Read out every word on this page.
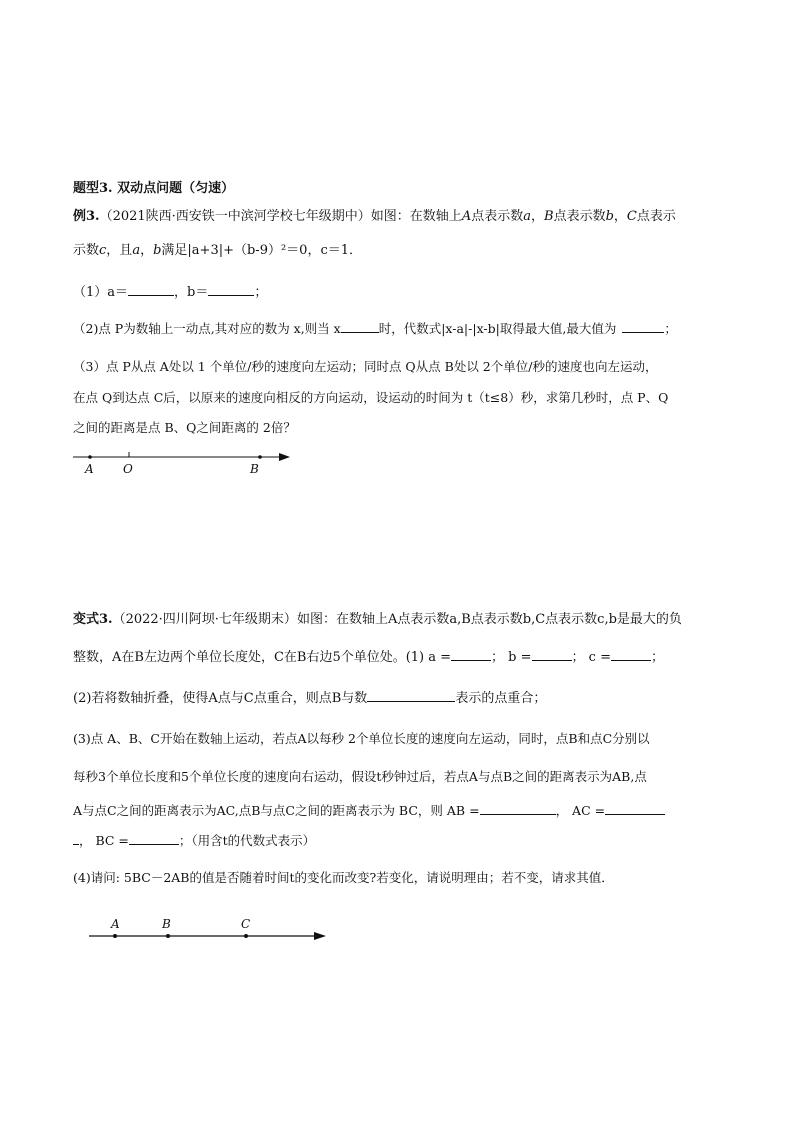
题型3. 双动点问题（匀速）
例3.（2021陕西·西安铁一中滨河学校七年级期中）如图：在数轴上A点表示数a，B点表示数b，C点表示
示数c，且a，b满足|a+3|+（b-9）²＝0，c＝1．
（1）a＝	，b＝	；
（2)点 P为数轴上一动点,其对应的数为 x,则当 x	时，代数式|x-a|-|x-b|取得最大值,最大值为	；
（3）点 P从点 A处以 1 个单位/秒的速度向左运动；同时点 Q从点 B处以 2个单位/秒的速度也向左运动，
在点 Q到达点 C后，以原来的速度向相反的方向运动，设运动的时间为 t（t≤8）秒，求第几秒时，点 P、Q
之间的距离是点 B、Q之间距离的 2倍？
A O	B
变式3.（2022·四川阿坝·七年级期末）如图：在数轴上A点表示数a,B点表示数b,C点表示数c,b是最大的负
整数，A在B左边两个单位长度处，C在B右边5个单位处。(1) a =	； b =	； c =	；
(2)若将数轴折叠，使得A点与C点重合，则点B与数	表示的点重合；
(3)点 A、B、C开始在数轴上运动，若点A以每秒 2个单位长度的速度向左运动，同时，点B和点C分别以
每秒3个单位长度和5个单位长度的速度向右运动，假设t秒钟过后，若点A与点B之间的距离表示为AB,点
A与点C之间的距离表示为AC,点B与点C之间的距离表示为 BC，则 AB =	， AC =
， BC =	；（用含t的代数式表示）
(4)请问: 5BC－2AB的值是否随着时间t的变化而改变?若变化，请说明理由；若不变，请求其值．
A	B	C
